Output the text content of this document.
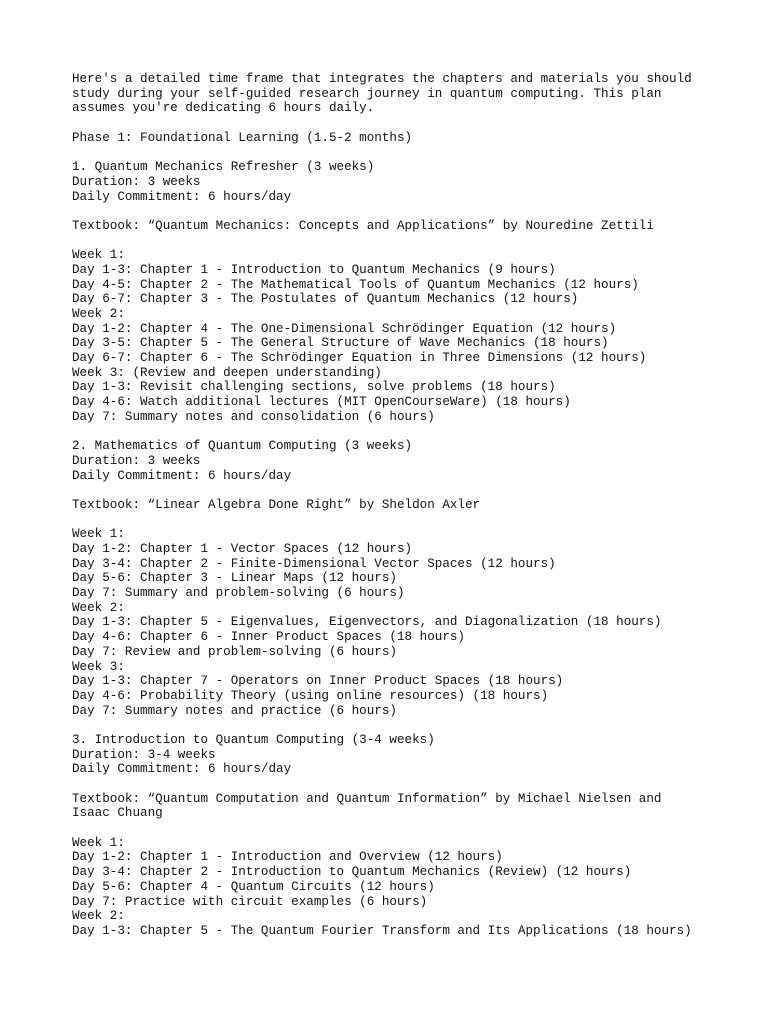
Here's a detailed time frame that integrates the chapters and materials you should
study during your self-guided research journey in quantum computing. This plan
assumes you're dedicating 6 hours daily.
Phase 1: Foundational Learning (1.5-2 months)
1. Quantum Mechanics Refresher (3 weeks)
Duration: 3 weeks
Daily Commitment: 6 hours/day
Textbook: “Quantum Mechanics: Concepts and Applications” by Nouredine Zettili
Week 1:
Day 1-3: Chapter 1 - Introduction to Quantum Mechanics (9 hours)
Day 4-5: Chapter 2 - The Mathematical Tools of Quantum Mechanics (12 hours)
Day 6-7: Chapter 3 - The Postulates of Quantum Mechanics (12 hours)
Week 2:
Day 1-2: Chapter 4 - The One-Dimensional Schrödinger Equation (12 hours)
Day 3-5: Chapter 5 - The General Structure of Wave Mechanics (18 hours)
Day 6-7: Chapter 6 - The Schrödinger Equation in Three Dimensions (12 hours)
Week 3: (Review and deepen understanding)
Day 1-3: Revisit challenging sections, solve problems (18 hours)
Day 4-6: Watch additional lectures (MIT OpenCourseWare) (18 hours)
Day 7: Summary notes and consolidation (6 hours)
2. Mathematics of Quantum Computing (3 weeks)
Duration: 3 weeks
Daily Commitment: 6 hours/day
Textbook: “Linear Algebra Done Right” by Sheldon Axler
Week 1:
Day 1-2: Chapter 1 - Vector Spaces (12 hours)
Day 3-4: Chapter 2 - Finite-Dimensional Vector Spaces (12 hours)
Day 5-6: Chapter 3 - Linear Maps (12 hours)
Day 7: Summary and problem-solving (6 hours)
Week 2:
Day 1-3: Chapter 5 - Eigenvalues, Eigenvectors, and Diagonalization (18 hours)
Day 4-6: Chapter 6 - Inner Product Spaces (18 hours)
Day 7: Review and problem-solving (6 hours)
Week 3:
Day 1-3: Chapter 7 - Operators on Inner Product Spaces (18 hours)
Day 4-6: Probability Theory (using online resources) (18 hours)
Day 7: Summary notes and practice (6 hours)
3. Introduction to Quantum Computing (3-4 weeks)
Duration: 3-4 weeks
Daily Commitment: 6 hours/day
Textbook: “Quantum Computation and Quantum Information” by Michael Nielsen and
Isaac Chuang
Week 1:
Day 1-2: Chapter 1 - Introduction and Overview (12 hours)
Day 3-4: Chapter 2 - Introduction to Quantum Mechanics (Review) (12 hours)
Day 5-6: Chapter 4 - Quantum Circuits (12 hours)
Day 7: Practice with circuit examples (6 hours)
Week 2:
Day 1-3: Chapter 5 - The Quantum Fourier Transform and Its Applications (18 hours)
